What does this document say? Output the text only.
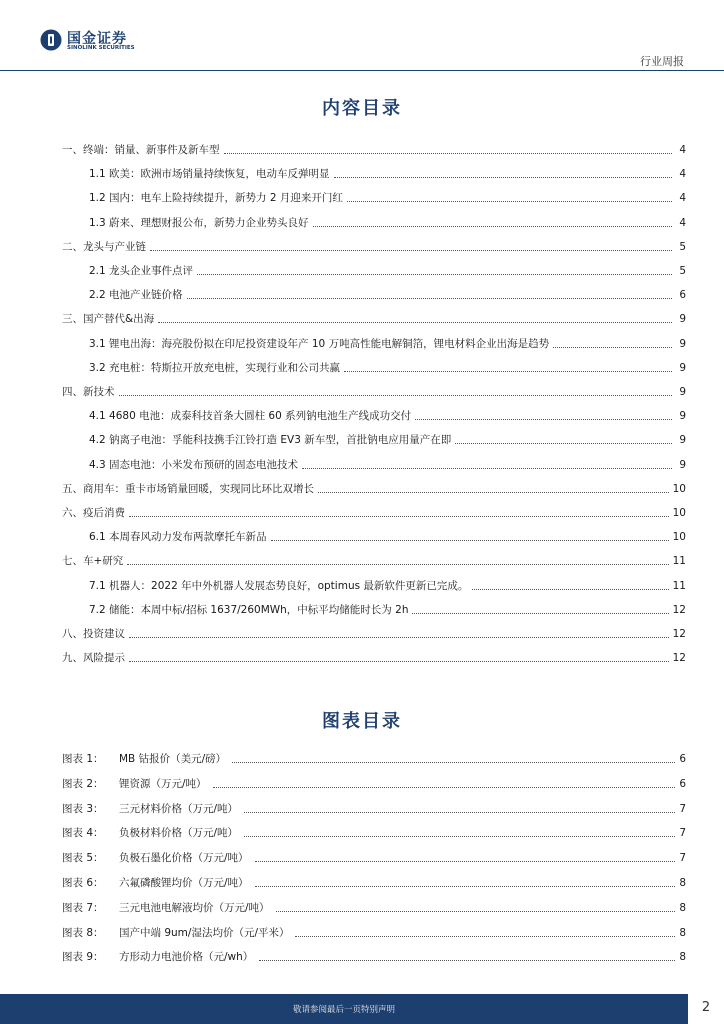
国金证券
SINOLINK SECURITIES
行业周报
内容目录
一、终端：销量、新事件及新车型	4
1.1 欧美：欧洲市场销量持续恢复，电动车反弹明显	4
1.2 国内：电车上险持续提升，新势力 2 月迎来开门红	4
1.3 蔚来、理想财报公布，新势力企业势头良好	4
二、龙头与产业链	5
2.1 龙头企业事件点评	5
2.2 电池产业链价格	6
三、国产替代&出海	9
3.1 锂电出海：海亮股份拟在印尼投资建设年产 10 万吨高性能电解铜箔，锂电材料企业出海是趋势	9
3.2 充电桩：特斯拉开放充电桩，实现行业和公司共赢	9
四、新技术	9
4.1 4680 电池：成泰科技首条大圆柱 60 系列钠电池生产线成功交付	9
4.2 钠离子电池：孚能科技携手江铃打造 EV3 新车型，首批钠电应用量产在即	9
4.3 固态电池：小米发布预研的固态电池技术	9
五、商用车：重卡市场销量回暖，实现同比环比双增长	10
六、疫后消费	10
6.1 本周春风动力发布两款摩托车新品	10
七、车+研究	11
7.1 机器人：2022 年中外机器人发展态势良好，optimus 最新软件更新已完成。	11
7.2 储能：本周中标/招标 1637/260MWh，中标平均储能时长为 2h	12
八、投资建议	12
九、风险提示	12
图表目录
图表 1：	MB 钴报价（美元/磅）	6
图表 2：	锂资源（万元/吨）	6
图表 3：	三元材料价格（万元/吨）	7
图表 4：	负极材料价格（万元/吨）	7
图表 5：	负极石墨化价格（万元/吨）	7
图表 6：	六氟磷酸锂均价（万元/吨）	8
图表 7：	三元电池电解液均价（万元/吨）	8
图表 8：	国产中端 9um/湿法均价（元/平米）	8
图表 9：	方形动力电池价格（元/wh）	8
敬请参阅最后一页特别声明	2
